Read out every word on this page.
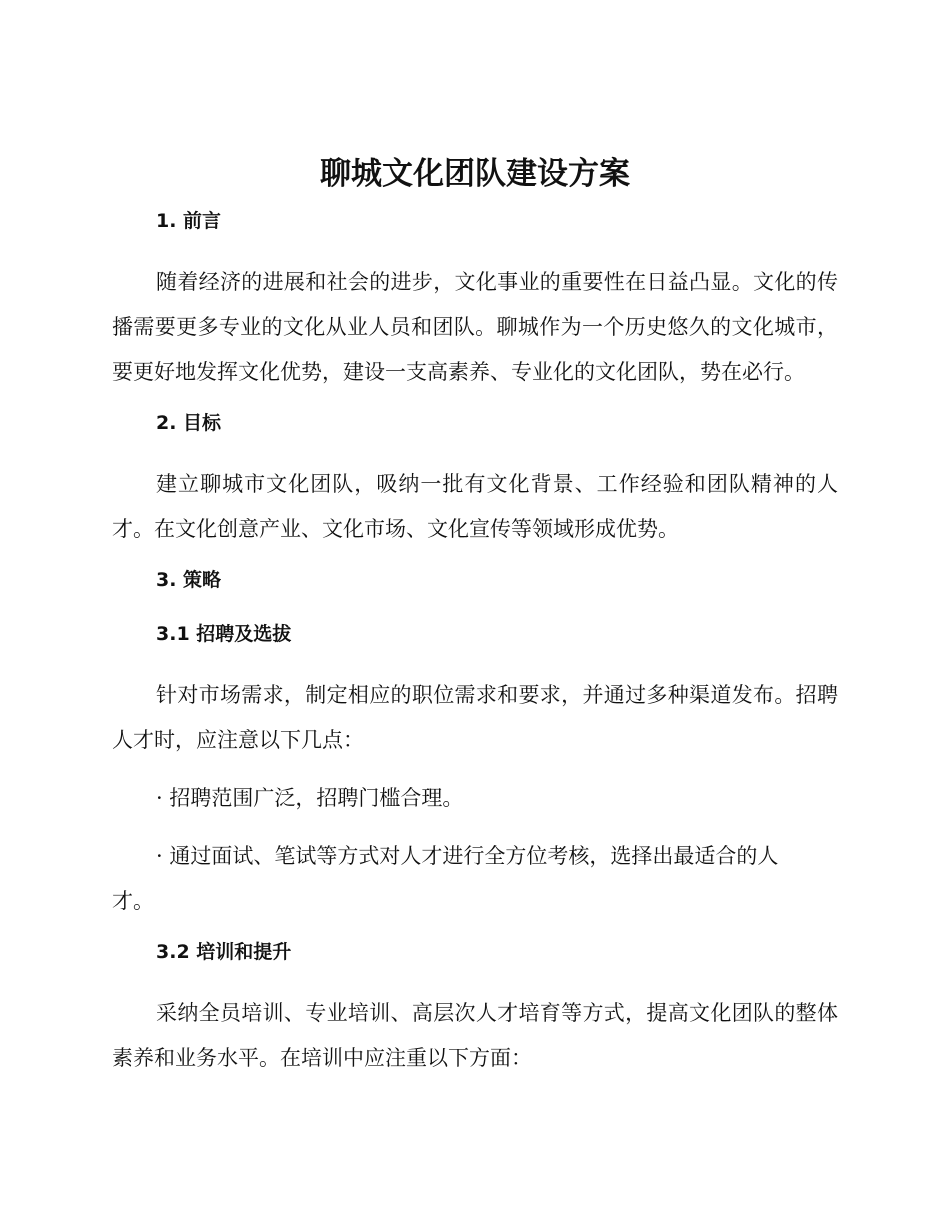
聊城文化团队建设方案
1. 前言

随着经济的进展和社会的进步，文化事业的重要性在日益凸显。文化的传播需要更多专业的文化从业人员和团队。聊城作为一个历史悠久的文化城市，要更好地发挥文化优势，建设一支高素养、专业化的文化团队，势在必行。

2. 目标

建立聊城市文化团队，吸纳一批有文化背景、工作经验和团队精神的人才。在文化创意产业、文化市场、文化宣传等领域形成优势。

3. 策略
3.1 招聘及选拔

针对市场需求，制定相应的职位需求和要求，并通过多种渠道发布。招聘人才时，应注意以下几点：

· 招聘范围广泛，招聘门槛合理。

· 通过面试、笔试等方式对人才进行全方位考核，选择出最适合的人才。

3.2 培训和提升

采纳全员培训、专业培训、高层次人才培育等方式，提高文化团队的整体素养和业务水平。在培训中应注重以下方面：
